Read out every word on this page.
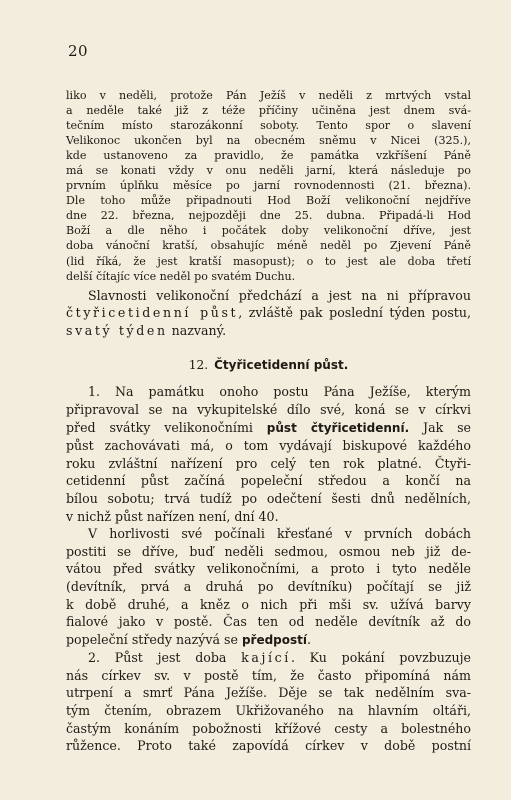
20
liko v neděli, protože Pán Ježíš v neděli z mrtvých vstal
a neděle také již z téže příčiny učiněna jest dnem svá-
tečním místo starozákonní soboty. Tento spor o slavení
Velikonoc ukončen byl na obecném sněmu v Nicei (325.),
kde ustanoveno za pravidlo, že památka vzkříšení Páně
má se konati vždy v onu neděli jarní, která následuje po
prvním úplňku měsíce po jarní rovnodennosti (21. března).
Dle toho může připadnouti Hod Boží velikonoční nejdříve
dne 22. března, nejpozději dne 25. dubna. Připadá-li Hod
Boží a dle něho i počátek doby velikonoční dříve, jest
doba vánoční kratší, obsahujíc méně neděl po Zjevení Páně
(lid říká, že jest kratší masopust); o to jest ale doba třetí
delší čítajíc více neděl po svatém Duchu.
Slavnosti velikonoční předchází a jest na ni přípravou
čtyřicetidenní půst, zvláště pak poslední týden postu,
svatý týden nazvaný.
12. Čtyřicetidenní půst.
1. Na památku onoho postu Pána Ježíše, kterým
připravoval se na vykupitelské dílo své, koná se v církvi
před svátky velikonočními půst čtyřicetidenní. Jak se
půst zachovávati má, o tom vydávají biskupové každého
roku zvláštní nařízení pro celý ten rok platné. Čtyři-
cetidenní půst začíná popeleční středou a končí na
bílou sobotu; trvá tudíž po odečtení šesti dnů nedělních,
v nichž půst nařízen není, dní 40.
V horlivosti své počínali křesťané v prvních dobách
postiti se dříve, buď neděli sedmou, osmou neb již de-
vátou před svátky velikonočními, a proto i tyto neděle
(devítník, prvá a druhá po devítníku) počítají se již
k době druhé, a kněz o nich při mši sv. užívá barvy
fialové jako v postě. Čas ten od neděle devítník až do
popeleční středy nazývá se předpostí.
2. Půst jest doba kající. Ku pokání povzbuzuje
nás církev sv. v postě tím, že často připomíná nám
utrpení a smrť Pána Ježíše. Děje se tak nedělním sva-
tým čtením, obrazem Ukřižovaného na hlavním oltáři,
častým konáním pobožnosti křížové cesty a bolestného
růžence. Proto také zapovídá církev v době postní
